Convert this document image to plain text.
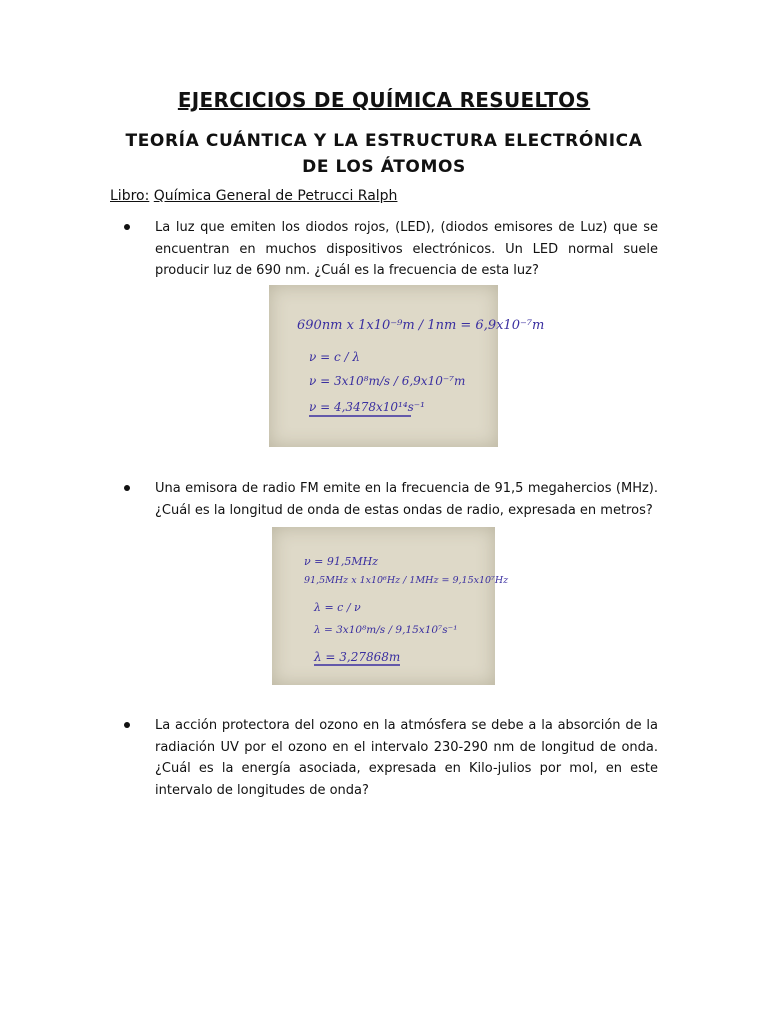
EJERCICIOS DE QUÍMICA RESUELTOS
TEORÍA CUÁNTICA Y LA ESTRUCTURA ELECTRÓNICA DE LOS ÁTOMOS
Libro: Química General de Petrucci Ralph
La luz que emiten los diodos rojos, (LED), (diodos emisores de Luz) que se encuentran en muchos dispositivos electrónicos. Un LED normal suele producir luz de 690 nm. ¿Cuál es la frecuencia de esta luz?
690nm x 1x10⁻⁹m / 1nm = 6,9x10⁻⁷m
ν = c / λ
ν = 3x10⁸m/s / 6,9x10⁻⁷m
ν = 4,3478x10¹⁴s⁻¹
Una emisora de radio FM emite en la frecuencia de 91,5 megahercios (MHz). ¿Cuál es la longitud de onda de estas ondas de radio, expresada en metros?
ν = 91,5MHz
91,5MHz x 1x10⁶Hz / 1MHz = 9,15x10⁷Hz
λ = c / ν
λ = 3x10⁸m/s / 9,15x10⁷s⁻¹
λ = 3,27868m
La acción protectora del ozono en la atmósfera se debe a la absorción de la radiación UV por el ozono en el intervalo 230-290 nm de longitud de onda. ¿Cuál es la energía asociada, expresada en Kilo-julios por mol, en este intervalo de longitudes de onda?
